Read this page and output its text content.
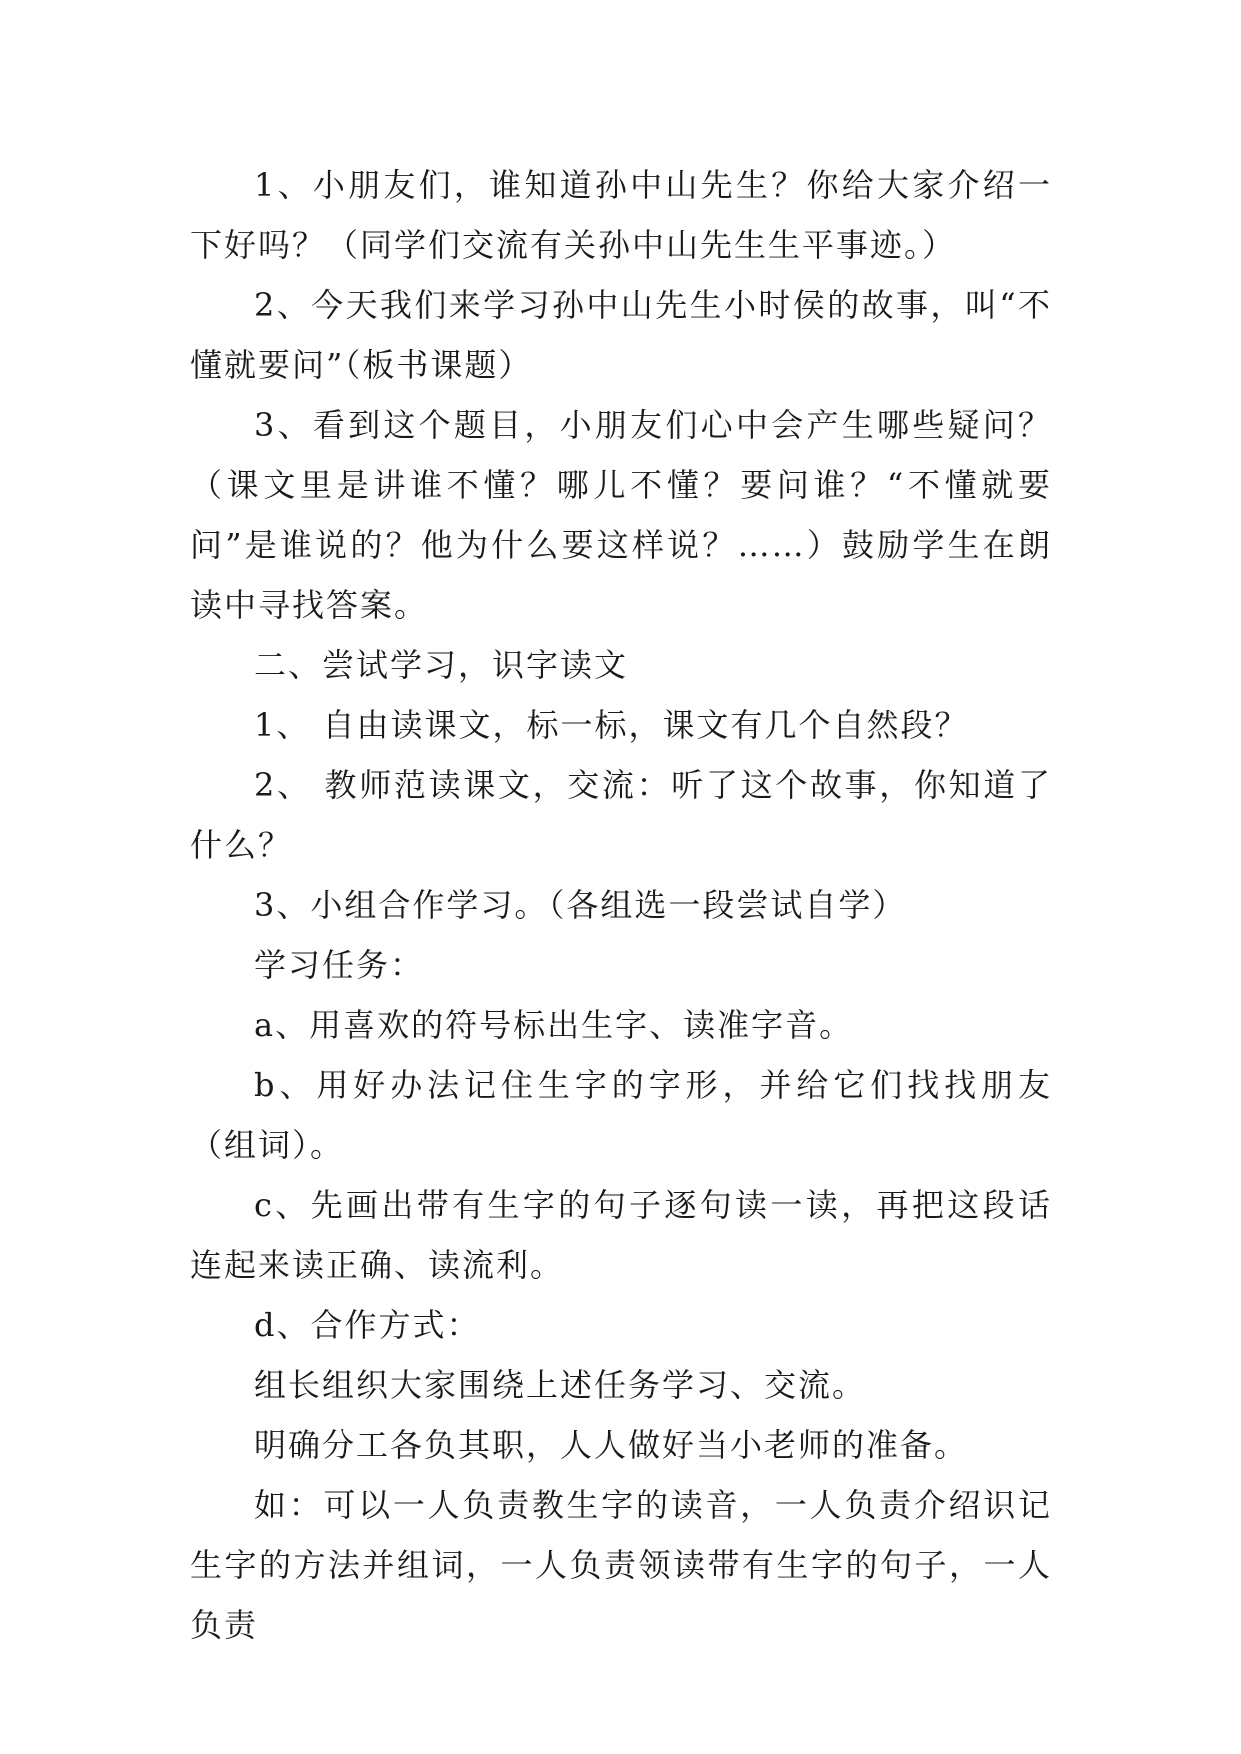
1、小朋友们，谁知道孙中山先生？你给大家介绍一下好吗？（同学们交流有关孙中山先生生平事迹。）

2、今天我们来学习孙中山先生小时侯的故事，叫“不懂就要问”（板书课题）

3、看到这个题目，小朋友们心中会产生哪些疑问？（课文里是讲谁不懂？哪儿不懂？要问谁？“不懂就要问”是谁说的？他为什么要这样说？……）鼓励学生在朗读中寻找答案。

二、尝试学习，识字读文

1、 自由读课文，标一标，课文有几个自然段？

2、 教师范读课文，交流：听了这个故事，你知道了什么？

3、小组合作学习。（各组选一段尝试自学）

学习任务：

a、用喜欢的符号标出生字、读准字音。

b、用好办法记住生字的字形，并给它们找找朋友（组词）。

c、先画出带有生字的句子逐句读一读，再把这段话连起来读正确、读流利。

d、合作方式：

组长组织大家围绕上述任务学习、交流。

明确分工各负其职，人人做好当小老师的准备。

如：可以一人负责教生字的读音，一人负责介绍识记生字的方法并组词，一人负责领读带有生字的句子，一人负责
